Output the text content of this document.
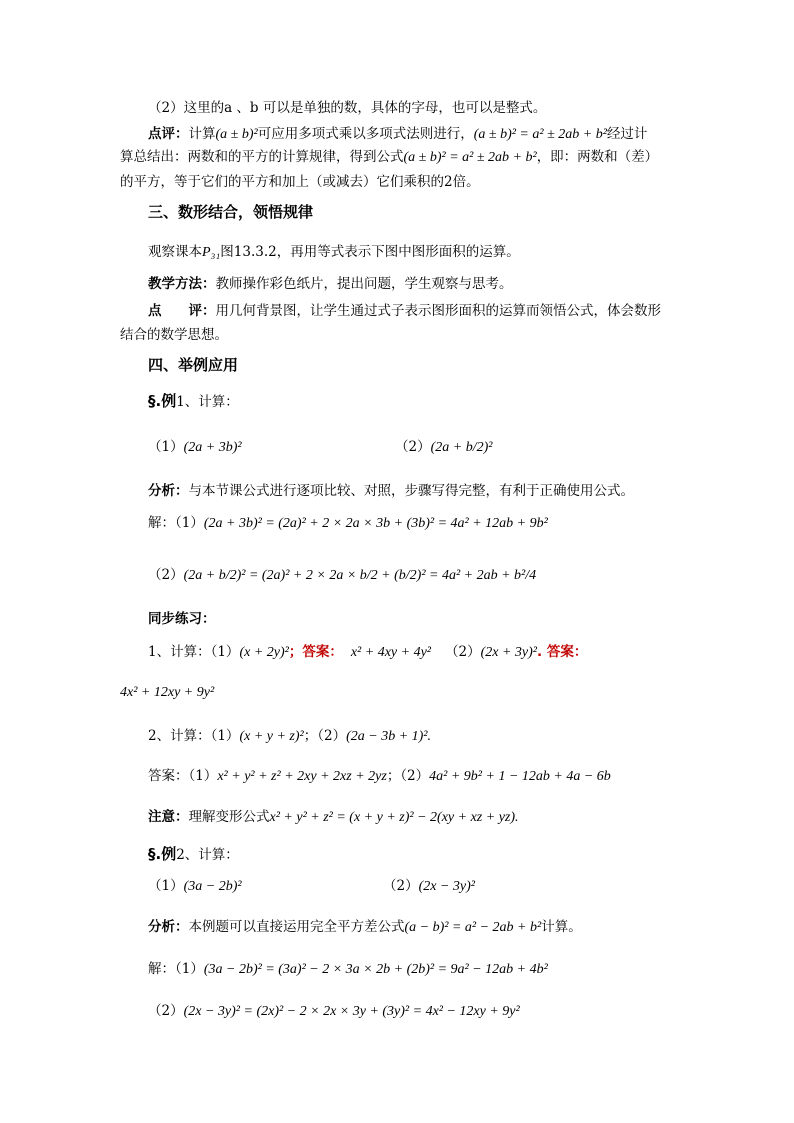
（2）这里的a 、b 可以是单独的数，具体的字母，也可以是整式。
点评：计算(a ± b)²可应用多项式乘以多项式法则进行，(a ± b)² = a² ± 2ab + b²经过计
算总结出：两数和的平方的计算规律，得到公式(a ± b)² = a² ± 2ab + b²，即：两数和（差）
的平方，等于它们的平方和加上（或减去）它们乘积的2倍。
三、数形结合，领悟规律
观察课本P₃₁图13.3.2，再用等式表示下图中图形面积的运算。
教学方法：教师操作彩色纸片，提出问题，学生观察与思考。
点　　评：用几何背景图，让学生通过式子表示图形面积的运算而领悟公式，体会数形
结合的数学思想。
四、举例应用
§.例1、计算：
（1）(2a + 3b)²	（2）(2a + b/2)²
分析：与本节课公式进行逐项比较、对照，步骤写得完整，有利于正确使用公式。
解：（1）(2a + 3b)² = (2a)² + 2 × 2a × 3b + (3b)² = 4a² + 12ab + 9b²
（2）(2a + b/2)² = (2a)² + 2 × 2a × b/2 + (b/2)² = 4a² + 2ab + b²/4
同步练习：
1、计算：（1）(x + 2y)²；答案： x² + 4xy + 4y² （2）(2x + 3y)². 答案：
4x² + 12xy + 9y²
2、计算：（1）(x + y + z)²；（2）(2a − 3b + 1)².
答案：（1）x² + y² + z² + 2xy + 2xz + 2yz；（2）4a² + 9b² + 1 − 12ab + 4a − 6b
注意：理解变形公式x² + y² + z² = (x + y + z)² − 2(xy + xz + yz).
§.例2、计算：
（1）(3a − 2b)²	（2）(2x − 3y)²
分析：本例题可以直接运用完全平方差公式(a − b)² = a² − 2ab + b²计算。
解：（1）(3a − 2b)² = (3a)² − 2 × 3a × 2b + (2b)² = 9a² − 12ab + 4b²
（2）(2x − 3y)² = (2x)² − 2 × 2x × 3y + (3y)² = 4x² − 12xy + 9y²
